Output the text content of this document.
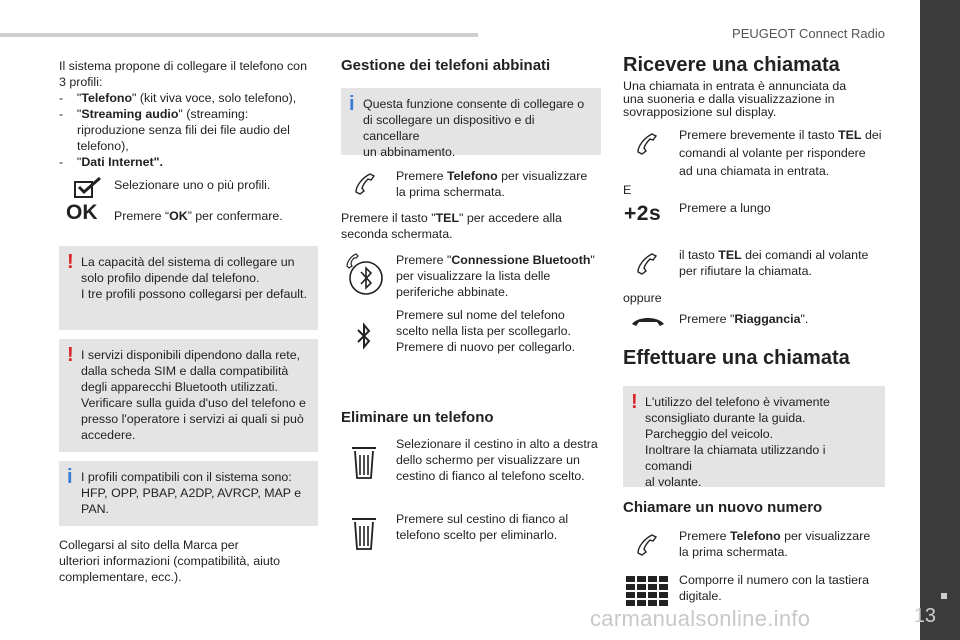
PEUGEOT Connect Radio
13
carmanualsonline.info
Il sistema propone di collegare il telefono con
3 profili:
- "Telefono" (kit viva voce, solo telefono),
- "Streaming audio" (streaming:
riproduzione senza fili dei file audio del
telefono),
- "Dati Internet".
Selezionare uno o più profili.
OK Premere “OK” per confermare.
! La capacità del sistema di collegare un
solo profilo dipende dal telefono.
I tre profili possono collegarsi per default.
! I servizi disponibili dipendono dalla rete,
dalla scheda SIM e dalla compatibilità
degli apparecchi Bluetooth utilizzati.
Verificare sulla guida d'uso del telefono e
presso l'operatore i servizi ai quali si può
accedere.
i I profili compatibili con il sistema sono:
HFP, OPP, PBAP, A2DP, AVRCP, MAP e
PAN.
Collegarsi al sito della Marca per
ulteriori informazioni (compatibilità, aiuto
complementare, ecc.).
Gestione dei telefoni abbinati
i Questa funzione consente di collegare o
di scollegare un dispositivo e di cancellare
un abbinamento.
Premere Telefono per visualizzare
la prima schermata.
Premere il tasto "TEL" per accedere alla
seconda schermata.
Premere "Connessione Bluetooth"
per visualizzare la lista delle
periferiche abbinate.
Premere sul nome del telefono
scelto nella lista per scollegarlo.
Premere di nuovo per collegarlo.
Eliminare un telefono
Selezionare il cestino in alto a destra
dello schermo per visualizzare un
cestino di fianco al telefono scelto.
Premere sul cestino di fianco al
telefono scelto per eliminarlo.
Ricevere una chiamata
Una chiamata in entrata è annunciata da
una suoneria e dalla visualizzazione in
sovrapposizione sul display.
Premere brevemente il tasto TEL dei
comandi al volante per rispondere
ad una chiamata in entrata.
E
+2s Premere a lungo
il tasto TEL dei comandi al volante
per rifiutare la chiamata.
oppure
Premere "Riaggancia".
Effettuare una chiamata
! L'utilizzo del telefono è vivamente
sconsigliato durante la guida.
Parcheggio del veicolo.
Inoltrare la chiamata utilizzando i comandi
al volante.
Chiamare un nuovo numero
Premere Telefono per visualizzare
la prima schermata.
Comporre il numero con la tastiera
digitale.
